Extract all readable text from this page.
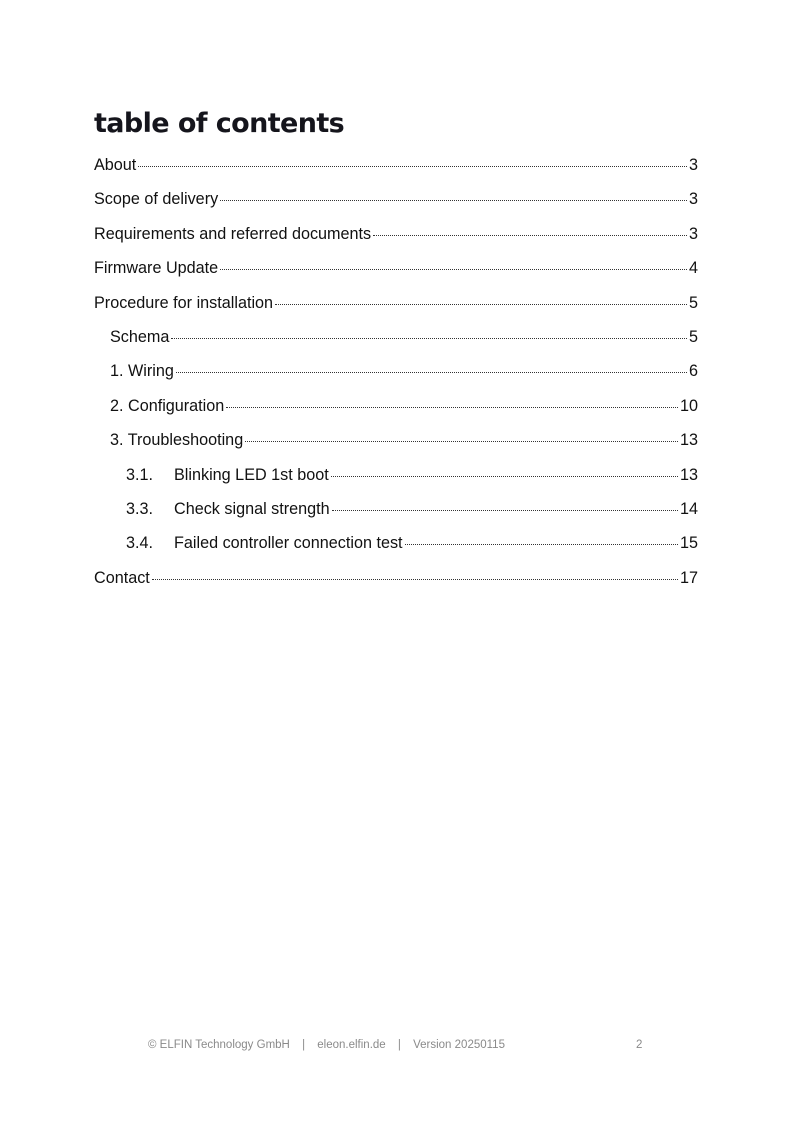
table of contents
About	3
Scope of delivery	3
Requirements and referred documents	3
Firmware Update	4
Procedure for installation	5
Schema	5
1. Wiring	6
2. Configuration	10
3. Troubleshooting	13
3.1. Blinking LED 1st boot	13
3.3. Check signal strength	14
3.4. Failed controller connection test	15
Contact	17
© ELFIN Technology GmbH | eleon.elfin.de | Version 20250115	2
